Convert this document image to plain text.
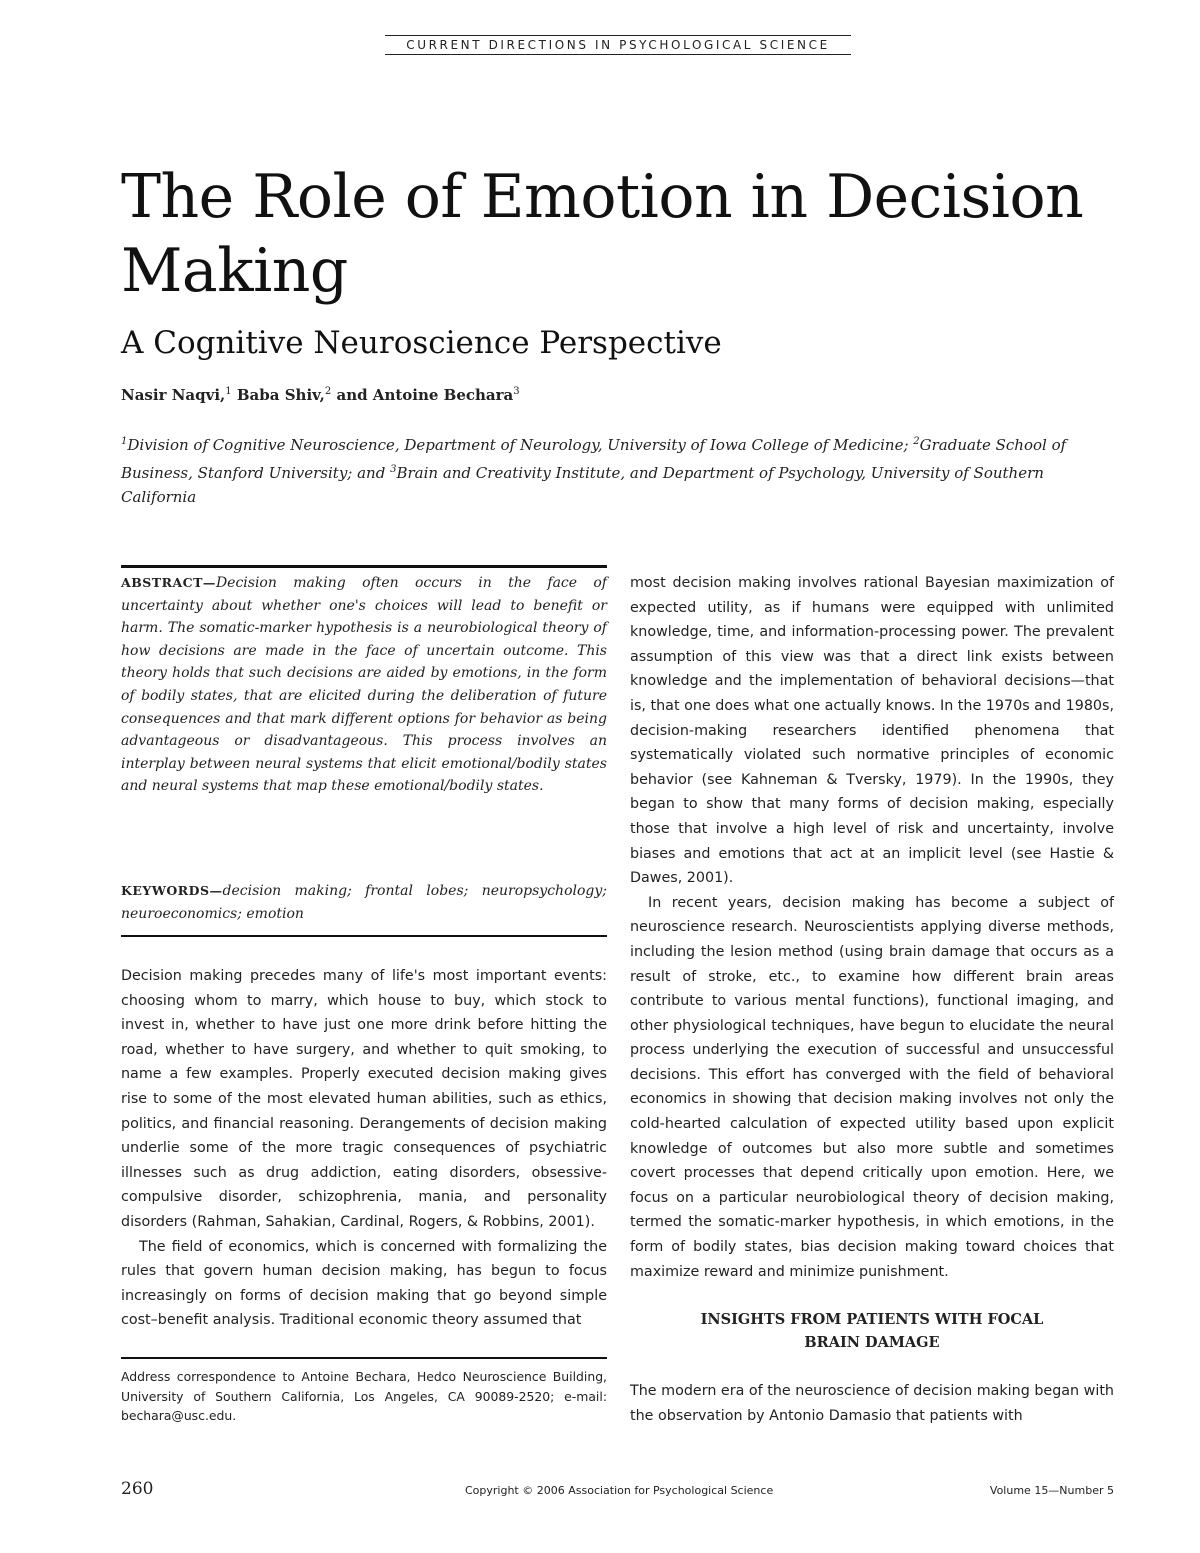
CURRENT DIRECTIONS IN PSYCHOLOGICAL SCIENCE
The Role of Emotion in Decision Making
A Cognitive Neuroscience Perspective

Nasir Naqvi,$^1$ Baba Shiv,$^2$ and Antoine Bechara$^3$

$^1$Division of Cognitive Neuroscience, Department of Neurology, University of Iowa College of Medicine; $^2$Graduate School of Business, Stanford University; and $^3$Brain and Creativity Institute, and Department of Psychology, University of Southern California

ABSTRACT—Decision making often occurs in the face of uncertainty about whether one's choices will lead to benefit or harm. The somatic-marker hypothesis is a neurobiological theory of how decisions are made in the face of uncertain outcome. This theory holds that such decisions are aided by emotions, in the form of bodily states, that are elicited during the deliberation of future consequences and that mark different options for behavior as being advantageous or disadvantageous. This process involves an interplay between neural systems that elicit emotional/bodily states and neural systems that map these emotional/bodily states.

KEYWORDS—decision making; frontal lobes; neuropsychology; neuroeconomics; emotion

Decision making precedes many of life's most important events: choosing whom to marry, which house to buy, which stock to invest in, whether to have just one more drink before hitting the road, whether to have surgery, and whether to quit smoking, to name a few examples. Properly executed decision making gives rise to some of the most elevated human abilities, such as ethics, politics, and financial reasoning. Derangements of decision making underlie some of the more tragic consequences of psychiatric illnesses such as drug addiction, eating disorders, obsessive-compulsive disorder, schizophrenia, mania, and personality disorders (Rahman, Sahakian, Cardinal, Rogers, & Robbins, 2001).

The field of economics, which is concerned with formalizing the rules that govern human decision making, has begun to focus increasingly on forms of decision making that go beyond simple cost–benefit analysis. Traditional economic theory assumed that

Address correspondence to Antoine Bechara, Hedco Neuroscience Building, University of Southern California, Los Angeles, CA 90089-2520; e-mail: bechara@usc.edu.

most decision making involves rational Bayesian maximization of expected utility, as if humans were equipped with unlimited knowledge, time, and information-processing power. The prevalent assumption of this view was that a direct link exists between knowledge and the implementation of behavioral decisions—that is, that one does what one actually knows. In the 1970s and 1980s, decision-making researchers identified phenomena that systematically violated such normative principles of economic behavior (see Kahneman & Tversky, 1979). In the 1990s, they began to show that many forms of decision making, especially those that involve a high level of risk and uncertainty, involve biases and emotions that act at an implicit level (see Hastie & Dawes, 2001).

In recent years, decision making has become a subject of neuroscience research. Neuroscientists applying diverse methods, including the lesion method (using brain damage that occurs as a result of stroke, etc., to examine how different brain areas contribute to various mental functions), functional imaging, and other physiological techniques, have begun to elucidate the neural process underlying the execution of successful and unsuccessful decisions. This effort has converged with the field of behavioral economics in showing that decision making involves not only the cold-hearted calculation of expected utility based upon explicit knowledge of outcomes but also more subtle and sometimes covert processes that depend critically upon emotion. Here, we focus on a particular neurobiological theory of decision making, termed the somatic-marker hypothesis, in which emotions, in the form of bodily states, bias decision making toward choices that maximize reward and minimize punishment.

INSIGHTS FROM PATIENTS WITH FOCAL
BRAIN DAMAGE

The modern era of the neuroscience of decision making began with the observation by Antonio Damasio that patients with

260	Copyright © 2006 Association for Psychological Science	Volume 15—Number 5
